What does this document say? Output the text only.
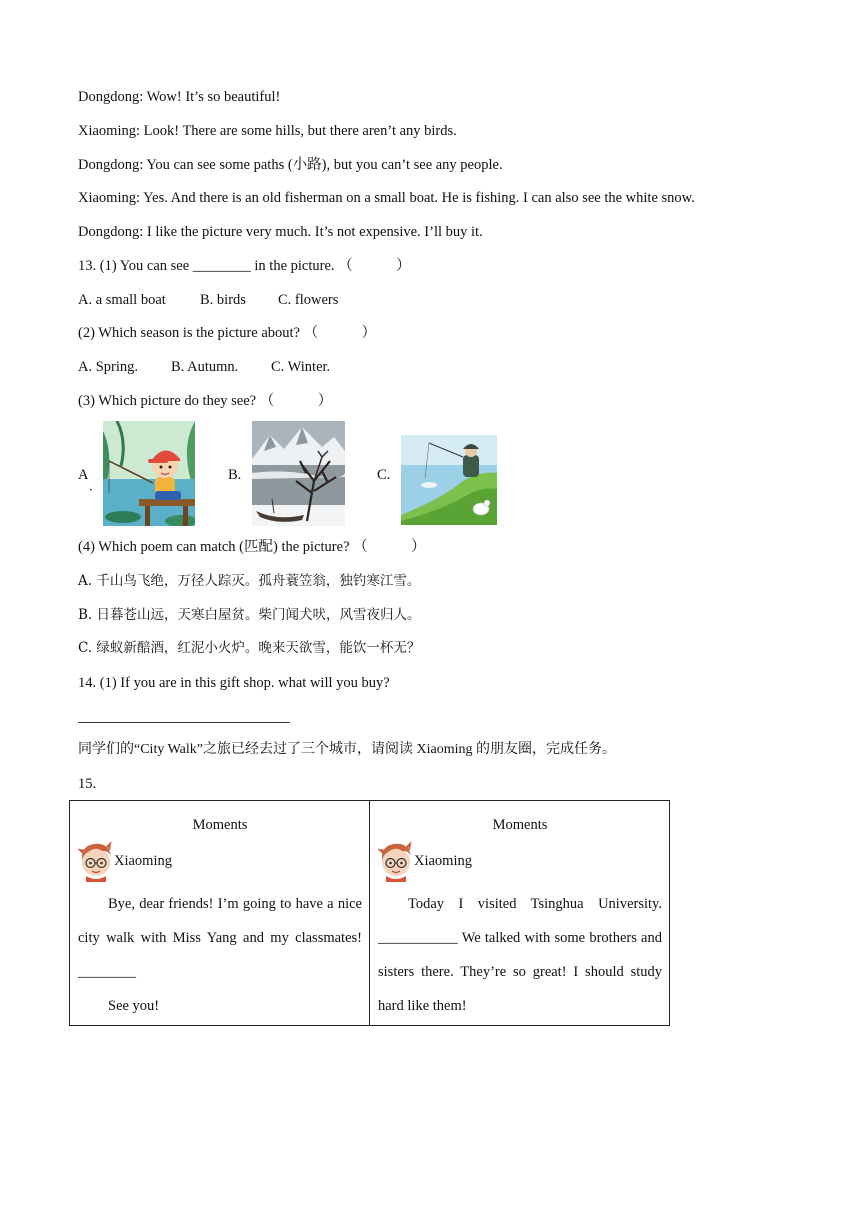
Dongdong: Wow! It’s so beautiful!
Xiaoming: Look! There are some hills, but there aren’t any birds.
Dongdong: You can see some paths (小路), but you can’t see any people.
Xiaoming: Yes. And there is an old fisherman on a small boat. He is fishing. I can also see the white snow.
Dongdong: I like the picture very much. It’s not expensive. I’ll buy it.
13. (1) You can see ________ in the picture. （　　　）
A. a small boat B. birds C. flowers
(2) Which season is the picture about? （　　　）
A. Spring. B. Autumn. C. Winter.
(3) Which picture do they see? （　　　）
A
．
B.	C.
(4) Which poem can match (匹配) the picture? （　　　）
A. 千山鸟飞绝，万径人踪灭。孤舟蓑笠翁，独钓寒江雪。
B. 日暮苍山远，天寒白屋贫。柴门闻犬吠，风雪夜归人。
C. 绿蚁新醅酒，红泥小火炉。晚来天欲雪，能饮一杯无？
14. (1) If you are in this gift shop. what will you buy?
同学们的“City Walk”之旅已经去过了三个城市，请阅读 Xiaoming 的朋友圈，完成任务。
15.
Moments
Xiaoming
Bye, dear friends! I’m going to have a nice city walk with Miss Yang and my classmates! ________
See you!

Moments
Xiaoming
Today I visited Tsinghua University. ___________ We talked with some brothers and sisters there. They’re so great! I should study hard like them!
